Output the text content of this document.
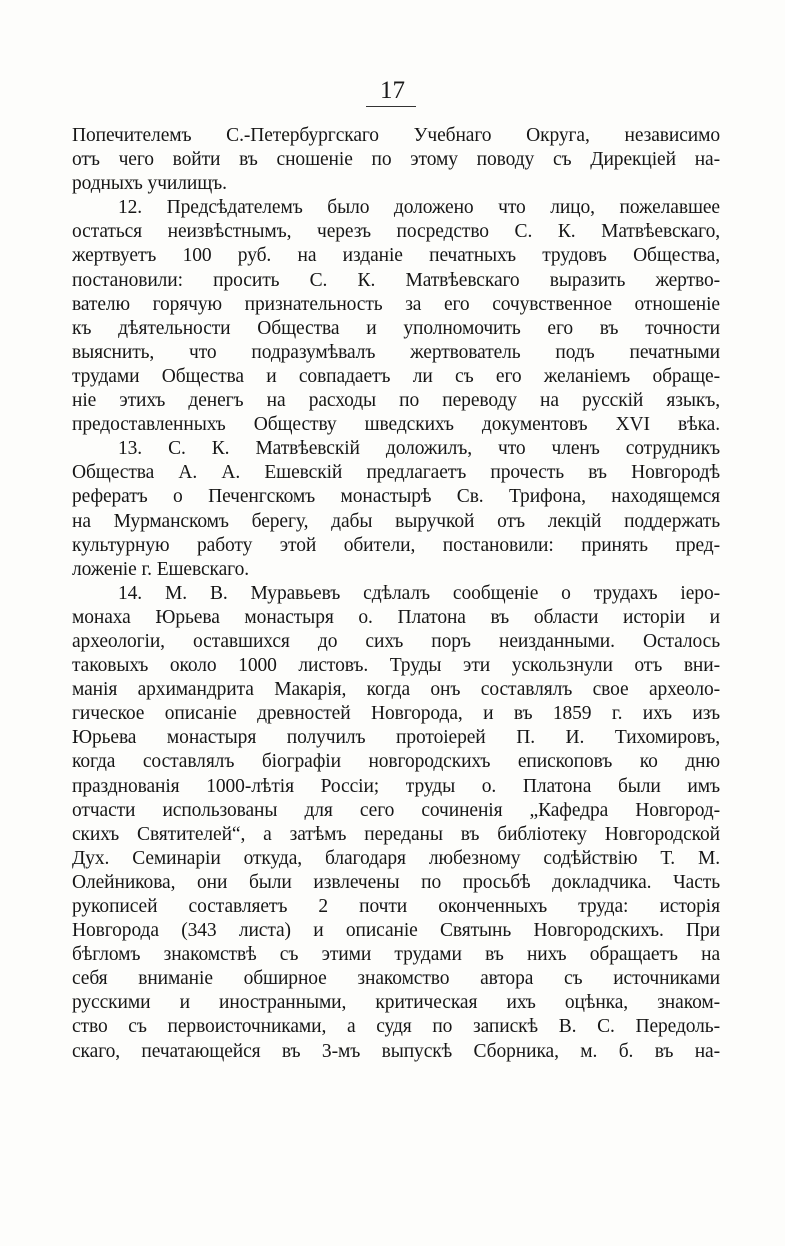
17
Попечителемъ С.-Петербургскаго Учебнаго Округа, независимо
отъ чего войти въ сношеніе по этому поводу съ Дирекціей на-
родныхъ училищъ.
12. Предсѣдателемъ было доложено что лицо, пожелавшее
остаться неизвѣстнымъ, черезъ посредство С. К. Матвѣевскаго,
жертвуетъ 100 руб. на изданіе печатныхъ трудовъ Общества,
постановили: просить С. К. Матвѣевскаго выразить жертво-
вателю горячую признательность за его сочувственное отношеніе
къ дѣятельности Общества и уполномочить его въ точности
выяснить, что подразумѣвалъ жертвователь подъ печатными
трудами Общества и совпадаетъ ли съ его желаніемъ обраще-
ніе этихъ денегъ на расходы по переводу на русскій языкъ,
предоставленныхъ Обществу шведскихъ документовъ XVI вѣка.
13. С. К. Матвѣевскій доложилъ, что членъ сотрудникъ
Общества А. А. Ешевскій предлагаетъ прочесть въ Новгородѣ
рефератъ о Печенгскомъ монастырѣ Св. Трифона, находящемся
на Мурманскомъ берегу, дабы выручкой отъ лекцій поддержать
культурную работу этой обители, постановили: принять пред-
ложеніе г. Ешевскаго.
14. М. В. Муравьевъ сдѣлалъ сообщеніе о трудахъ іеро-
монаха Юрьева монастыря о. Платона въ области исторіи и
археологіи, оставшихся до сихъ поръ неизданными. Осталось
таковыхъ около 1000 листовъ. Труды эти ускользнули отъ вни-
манія архимандрита Макарія, когда онъ составлялъ свое археоло-
гическое описаніе древностей Новгорода, и въ 1859 г. ихъ изъ
Юрьева монастыря получилъ протоіерей П. И. Тихомировъ,
когда составлялъ біографіи новгородскихъ епископовъ ко дню
празднованія 1000-лѣтія Россіи; труды о. Платона были имъ
отчасти использованы для сего сочиненія „Кафедра Новгород-
скихъ Святителей“, а затѣмъ переданы въ библіотеку Новгородской
Дух. Семинаріи откуда, благодаря любезному содѣйствію Т. М.
Олейникова, они были извлечены по просьбѣ докладчика. Часть
рукописей составляетъ 2 почти оконченныхъ труда: исторія
Новгорода (343 листа) и описаніе Святынь Новгородскихъ. При
бѣгломъ знакомствѣ съ этими трудами въ нихъ обращаетъ на
себя вниманіе обширное знакомство автора съ источниками
русскими и иностранными, критическая ихъ оцѣнка, знаком-
ство съ первоисточниками, а судя по запискѣ В. С. Передоль-
скаго, печатающейся въ 3-мъ выпускѣ Сборника, м. б. въ на-
